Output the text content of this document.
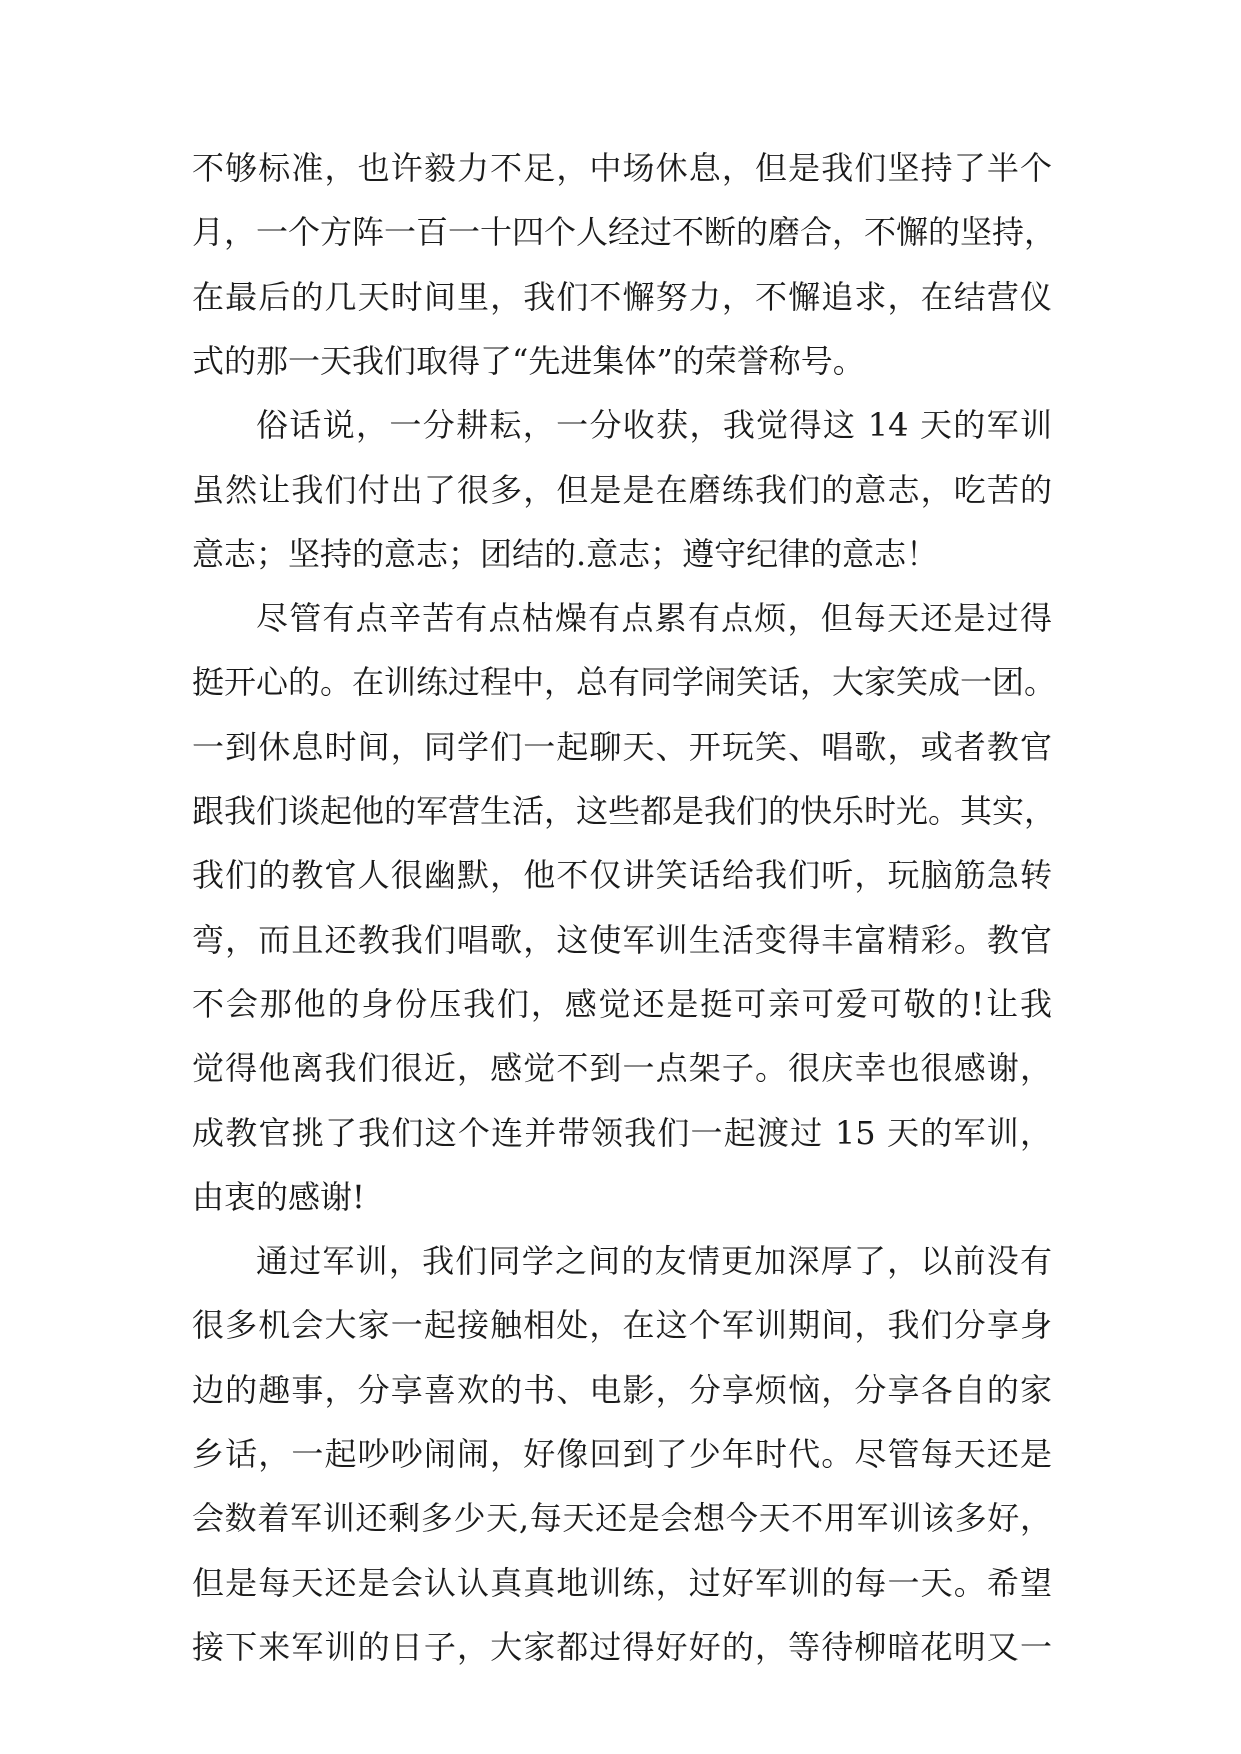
不够标准，也许毅力不足，中场休息，但是我们坚持了半个
月，一个方阵一百一十四个人经过不断的磨合，不懈的坚持，
在最后的几天时间里，我们不懈努力，不懈追求，在结营仪
式的那一天我们取得了“先进集体”的荣誉称号。
俗话说，一分耕耘，一分收获，我觉得这 14 天的军训
虽然让我们付出了很多，但是是在磨练我们的意志，吃苦的
意志；坚持的意志；团结的.意志；遵守纪律的意志！
尽管有点辛苦有点枯燥有点累有点烦，但每天还是过得
挺开心的。在训练过程中，总有同学闹笑话，大家笑成一团。
一到休息时间，同学们一起聊天、开玩笑、唱歌，或者教官
跟我们谈起他的军营生活，这些都是我们的快乐时光。其实，
我们的教官人很幽默，他不仅讲笑话给我们听，玩脑筋急转
弯，而且还教我们唱歌，这使军训生活变得丰富精彩。教官
不会那他的身份压我们，感觉还是挺可亲可爱可敬的!让我
觉得他离我们很近，感觉不到一点架子。很庆幸也很感谢，
成教官挑了我们这个连并带领我们一起渡过 15 天的军训，
由衷的感谢!
通过军训，我们同学之间的友情更加深厚了，以前没有
很多机会大家一起接触相处，在这个军训期间，我们分享身
边的趣事，分享喜欢的书、电影，分享烦恼，分享各自的家
乡话，一起吵吵闹闹，好像回到了少年时代。尽管每天还是
会数着军训还剩多少天,每天还是会想今天不用军训该多好，
但是每天还是会认认真真地训练，过好军训的每一天。希望
接下来军训的日子，大家都过得好好的，等待柳暗花明又一
